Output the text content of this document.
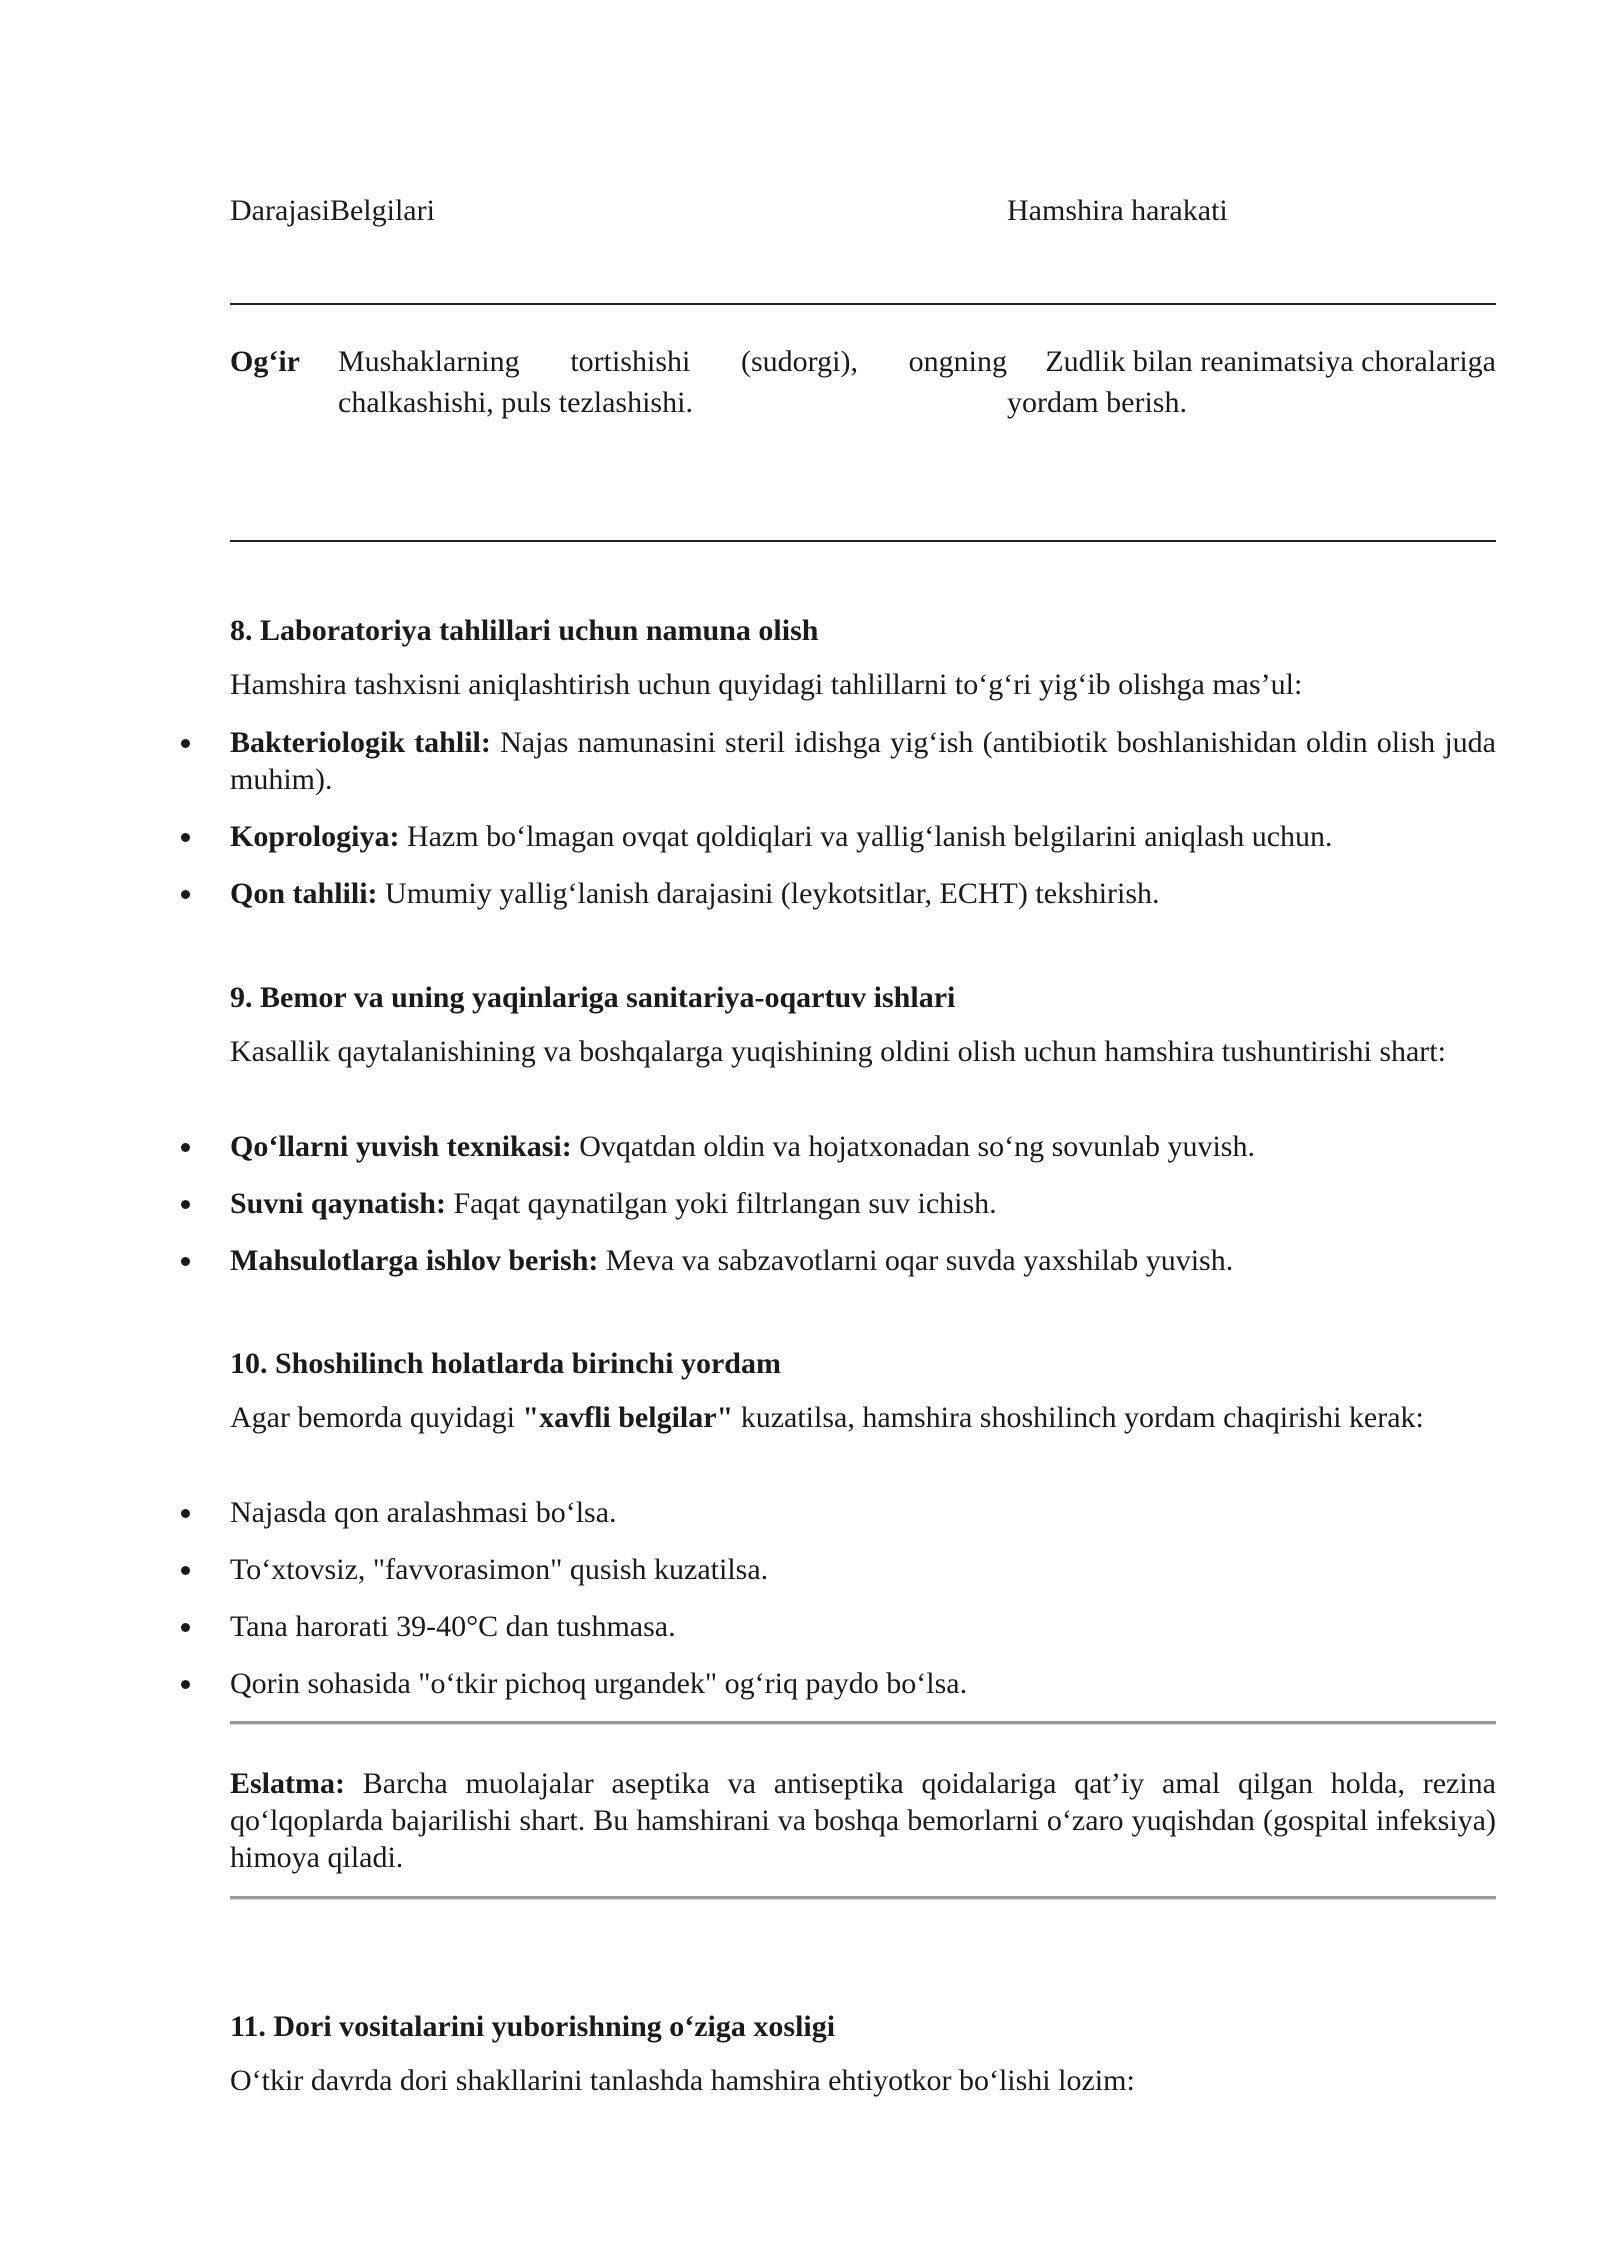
DarajasiBelgilari	Hamshira harakati
Og‘ir Mushaklarning tortishishi (sudorgi), ongning
chalkashishi, puls tezlashishi.
Zudlik bilan reanimatsiya choralariga
yordam berish.
8. Laboratoriya tahlillari uchun namuna olish
Hamshira tashxisni aniqlashtirish uchun quyidagi tahlillarni to‘g‘ri yig‘ib olishga mas’ul:
Bakteriologik tahlil: Najas namunasini steril idishga yig‘ish (antibiotik boshlanishidan oldin olish juda muhim).
Koprologiya: Hazm bo‘lmagan ovqat qoldiqlari va yallig‘lanish belgilarini aniqlash uchun.
Qon tahlili: Umumiy yallig‘lanish darajasini (leykotsitlar, ECHT) tekshirish.
9. Bemor va uning yaqinlariga sanitariya-oqartuv ishlari
Kasallik qaytalanishining va boshqalarga yuqishining oldini olish uchun hamshira tushuntirishi shart:
Qo‘llarni yuvish texnikasi: Ovqatdan oldin va hojatxonadan so‘ng sovunlab yuvish.
Suvni qaynatish: Faqat qaynatilgan yoki filtrlangan suv ichish.
Mahsulotlarga ishlov berish: Meva va sabzavotlarni oqar suvda yaxshilab yuvish.
10. Shoshilinch holatlarda birinchi yordam
Agar bemorda quyidagi "xavfli belgilar" kuzatilsa, hamshira shoshilinch yordam chaqirishi kerak:
Najasda qon aralashmasi bo‘lsa.
To‘xtovsiz, "favvorasimon" qusish kuzatilsa.
Tana harorati 39-40°C dan tushmasa.
Qorin sohasida "o‘tkir pichoq urgandek" og‘riq paydo bo‘lsa.
Eslatma: Barcha muolajalar aseptika va antiseptika qoidalariga qat’iy amal qilgan holda, rezina qo‘lqoplarda bajarilishi shart. Bu hamshirani va boshqa bemorlarni o‘zaro yuqishdan (gospital infeksiya) himoya qiladi.
11. Dori vositalarini yuborishning o‘ziga xosligi
O‘tkir davrda dori shakllarini tanlashda hamshira ehtiyotkor bo‘lishi lozim:
